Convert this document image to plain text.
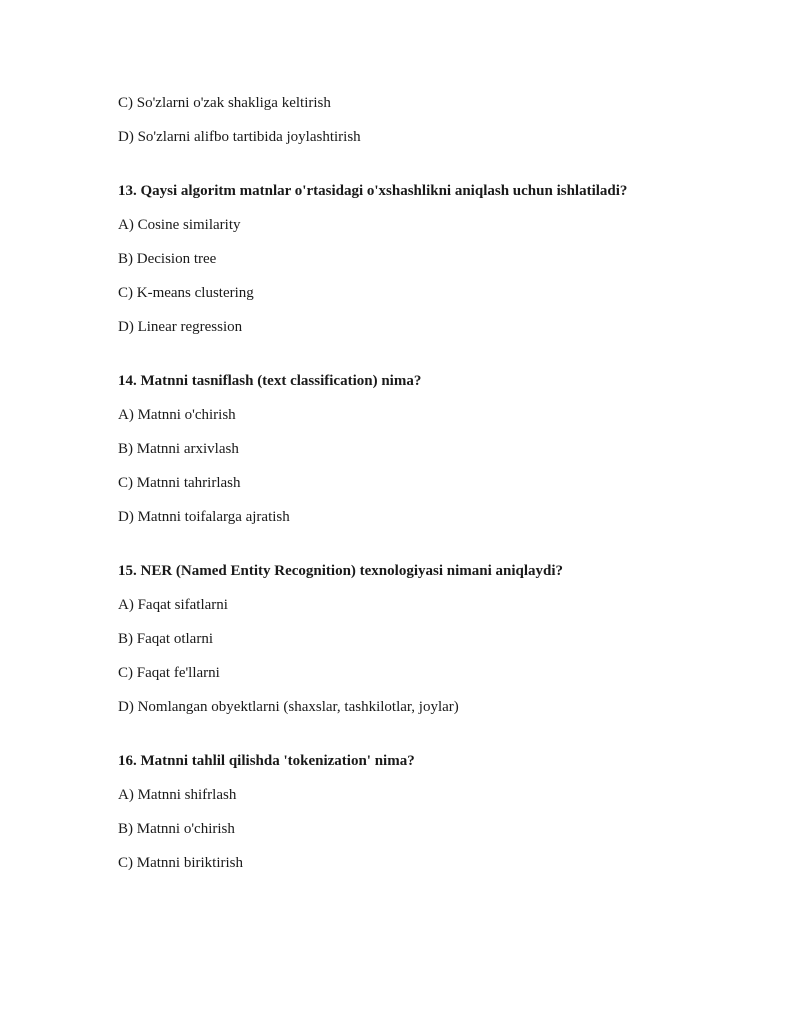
C) So'zlarni o'zak shakliga keltirish
D) So'zlarni alifbo tartibida joylashtirish
13. Qaysi algoritm matnlar o'rtasidagi o'xshashlikni aniqlash uchun ishlatiladi?
A) Cosine similarity
B) Decision tree
C) K-means clustering
D) Linear regression
14. Matnni tasniflash (text classification) nima?
A) Matnni o'chirish
B) Matnni arxivlash
C) Matnni tahrirlash
D) Matnni toifalarga ajratish
15. NER (Named Entity Recognition) texnologiyasi nimani aniqlaydi?
A) Faqat sifatlarni
B) Faqat otlarni
C) Faqat fe'llarni
D) Nomlangan obyektlarni (shaxslar, tashkilotlar, joylar)
16. Matnni tahlil qilishda 'tokenization' nima?
A) Matnni shifrlash
B) Matnni o'chirish
C) Matnni biriktirish
